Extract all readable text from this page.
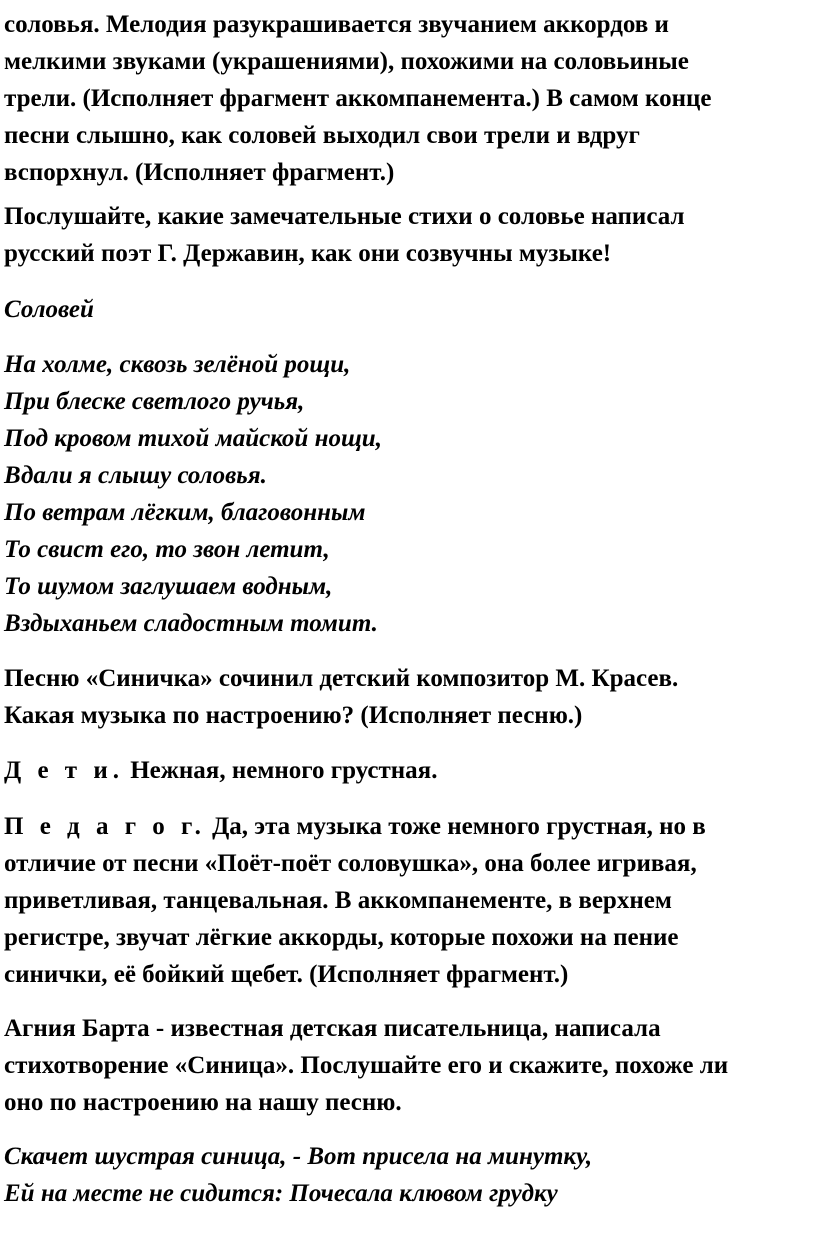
соловья. Мелодия разукрашивается звучанием аккордов и
мелкими звуками (украшениями), похожими на соловьиные
трели. (Исполняет фрагмент аккомпанемента.) В самом конце
песни слышно, как соловей выходил свои трели и вдруг
вспорхнул. (Исполняет фрагмент.)

Послушайте, какие замечательные стихи о соловье написал
русский поэт Г. Державин, как они созвучны музыке!

Соловей

На холме, сквозь зелёной рощи,
При блеске светлого ручья,
Под кровом тихой майской нощи,
Вдали я слышу соловья.
По ветрам лёгким, благовонным
То свист его, то звон летит,
То шумом заглушаем водным,
Вздыханьем сладостным томит.

Песню «Синичка» сочинил детский композитор М. Красев.
Какая музыка по настроению? (Исполняет песню.)

Д е т и. Нежная, немного грустная.

П е д а г о г. Да, эта музыка тоже немного грустная, но в
отличие от песни «Поёт-поёт соловушка», она более игривая,
приветливая, танцевальная. В аккомпанементе, в верхнем
регистре, звучат лёгкие аккорды, которые похожи на пение
синички, её бойкий щебет. (Исполняет фрагмент.)

Агния Барта - известная детская писательница, написала
стихотворение «Синица». Послушайте его и скажите, похоже ли
оно по настроению на нашу песню.

Скачет шустрая синица, - Вот присела на минутку,
Ей на месте не сидится: Почесала клювом грудку
